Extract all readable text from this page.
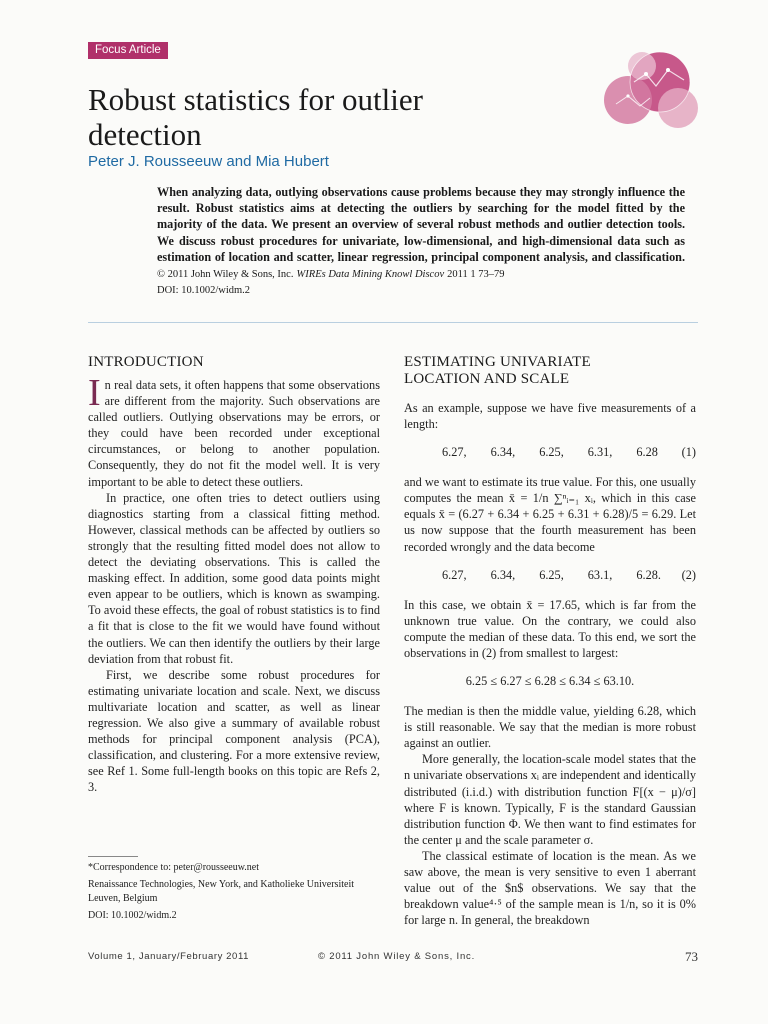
Focus Article
Robust statistics for outlier detection

Peter J. Rousseeuw and Mia Hubert

When analyzing data, outlying observations cause problems because they may strongly influence the result. Robust statistics aims at detecting the outliers by searching for the model fitted by the majority of the data. We present an overview of several robust methods and outlier detection tools. We discuss robust procedures for univariate, low-dimensional, and high-dimensional data such as estimation of location and scatter, linear regression, principal component analysis, and classification. © 2011 John Wiley & Sons, Inc. WIREs Data Mining Knowl Discov 2011 1 73–79
DOI: 10.1002/widm.2

INTRODUCTION

In real data sets, it often happens that some observations are different from the majority. Such observations are called outliers. Outlying observations may be errors, or they could have been recorded under exceptional circumstances, or belong to another population. Consequently, they do not fit the model well. It is very important to be able to detect these outliers.

In practice, one often tries to detect outliers using diagnostics starting from a classical fitting method. However, classical methods can be affected by outliers so strongly that the resulting fitted model does not allow to detect the deviating observations. This is called the masking effect. In addition, some good data points might even appear to be outliers, which is known as swamping. To avoid these effects, the goal of robust statistics is to find a fit that is close to the fit we would have found without the outliers. We can then identify the outliers by their large deviation from that robust fit.

First, we describe some robust procedures for estimating univariate location and scale. Next, we discuss multivariate location and scatter, as well as linear regression. We also give a summary of available robust methods for principal component analysis (PCA), classification, and clustering. For a more extensive review, see Ref 1. Some full-length books on this topic are Refs 2, 3.

ESTIMATING UNIVARIATE
LOCATION AND SCALE

As an example, suppose we have five measurements of a length:

6.27, 6.34, 6.25, 6.31, 6.28 (1)

and we want to estimate its true value. For this, one usually computes the mean x̄ = 1/n ∑ⁿᵢ₌₁ xᵢ, which in this case equals x̄ = (6.27 + 6.34 + 6.25 + 6.31 + 6.28)/5 = 6.29. Let us now suppose that the fourth measurement has been recorded wrongly and the data become

6.27, 6.34, 6.25, 63.1, 6.28. (2)

In this case, we obtain x̄ = 17.65, which is far from the unknown true value. On the contrary, we could also compute the median of these data. To this end, we sort the observations in (2) from smallest to largest:

6.25 ≤ 6.27 ≤ 6.28 ≤ 6.34 ≤ 63.10.

The median is then the middle value, yielding 6.28, which is still reasonable. We say that the median is more robust against an outlier.

More generally, the location-scale model states that the n univariate observations xᵢ are independent and identically distributed (i.i.d.) with distribution function F[(x − μ)/σ] where F is known. Typically, F is the standard Gaussian distribution function Φ. We then want to find estimates for the center μ and the scale parameter σ.

The classical estimate of location is the mean. As we saw above, the mean is very sensitive to even 1 aberrant value out of the $n$ observations. We say that the breakdown value⁴·⁵ of the sample mean is 1/n, so it is 0% for large n. In general, the breakdown

*Correspondence to: peter@rousseeuw.net
Renaissance Technologies, New York, and Katholieke Universiteit Leuven, Belgium
DOI: 10.1002/widm.2
Volume 1, January/February 2011	© 2011 John Wiley & Sons, Inc.	73
